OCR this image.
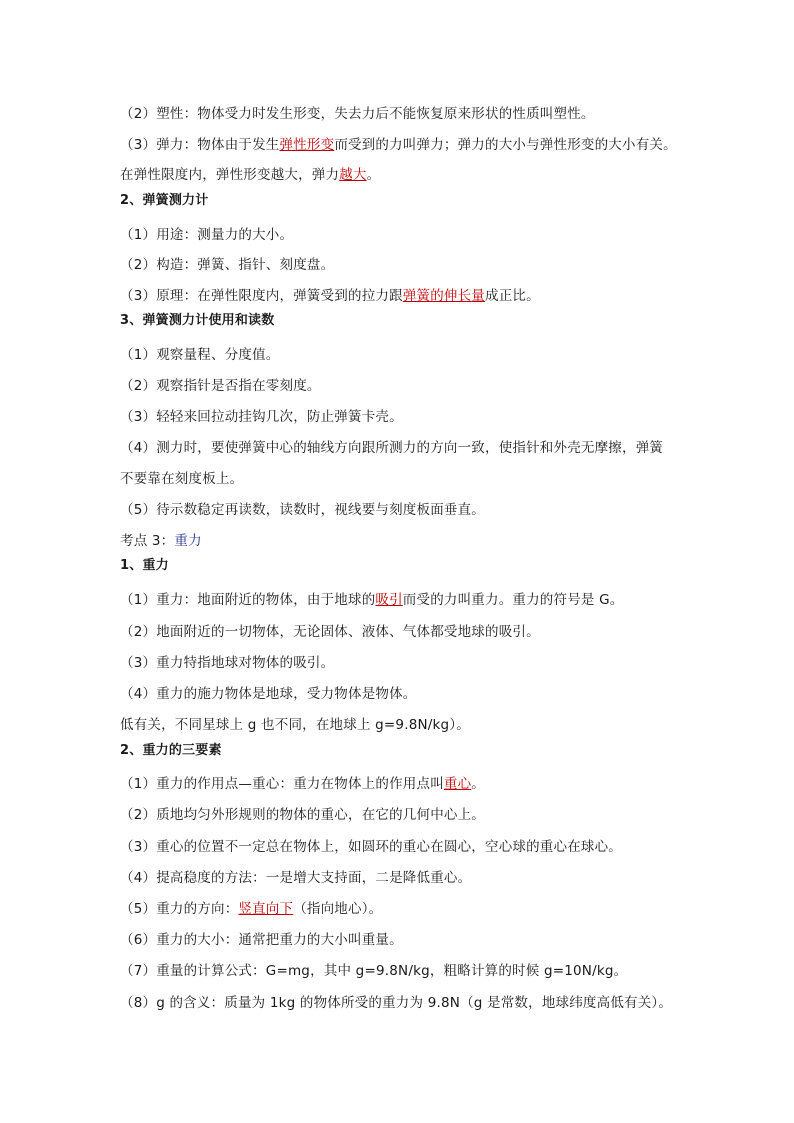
（2）塑性：物体受力时发生形变，失去力后不能恢复原来形状的性质叫塑性。
（3）弹力：物体由于发生弹性形变而受到的力叫弹力；弹力的大小与弹性形变的大小有关。
在弹性限度内，弹性形变越大，弹力越大。
2、弹簧测力计
（1）用途：测量力的大小。
（2）构造：弹簧、指针、刻度盘。
（3）原理：在弹性限度内，弹簧受到的拉力跟弹簧的伸长量成正比。
3、弹簧测力计使用和读数
（1）观察量程、分度值。
（2）观察指针是否指在零刻度。
（3）轻轻来回拉动挂钩几次，防止弹簧卡壳。
（4）测力时，要使弹簧中心的轴线方向跟所测力的方向一致，使指针和外壳无摩擦，弹簧
不要靠在刻度板上。
（5）待示数稳定再读数，读数时，视线要与刻度板面垂直。
考点 3：重力
1、重力
（1）重力：地面附近的物体，由于地球的吸引而受的力叫重力。重力的符号是 G。
（2）地面附近的一切物体，无论固体、液体、气体都受地球的吸引。
（3）重力特指地球对物体的吸引。
（4）重力的施力物体是地球，受力物体是物体。
低有关，不同星球上 g 也不同，在地球上 g=9.8N/kg）。
2、重力的三要素
（1）重力的作用点—重心：重力在物体上的作用点叫重心。
（2）质地均匀外形规则的物体的重心，在它的几何中心上。
（3）重心的位置不一定总在物体上，如圆环的重心在圆心，空心球的重心在球心。
（4）提高稳度的方法：一是增大支持面，二是降低重心。
（5）重力的方向：竖直向下（指向地心）。
（6）重力的大小：通常把重力的大小叫重量。
（7）重量的计算公式：G=mg，其中 g=9.8N/kg，粗略计算的时候 g=10N/kg。
（8）g 的含义：质量为 1kg 的物体所受的重力为 9.8N（g 是常数，地球纬度高低有关）。
